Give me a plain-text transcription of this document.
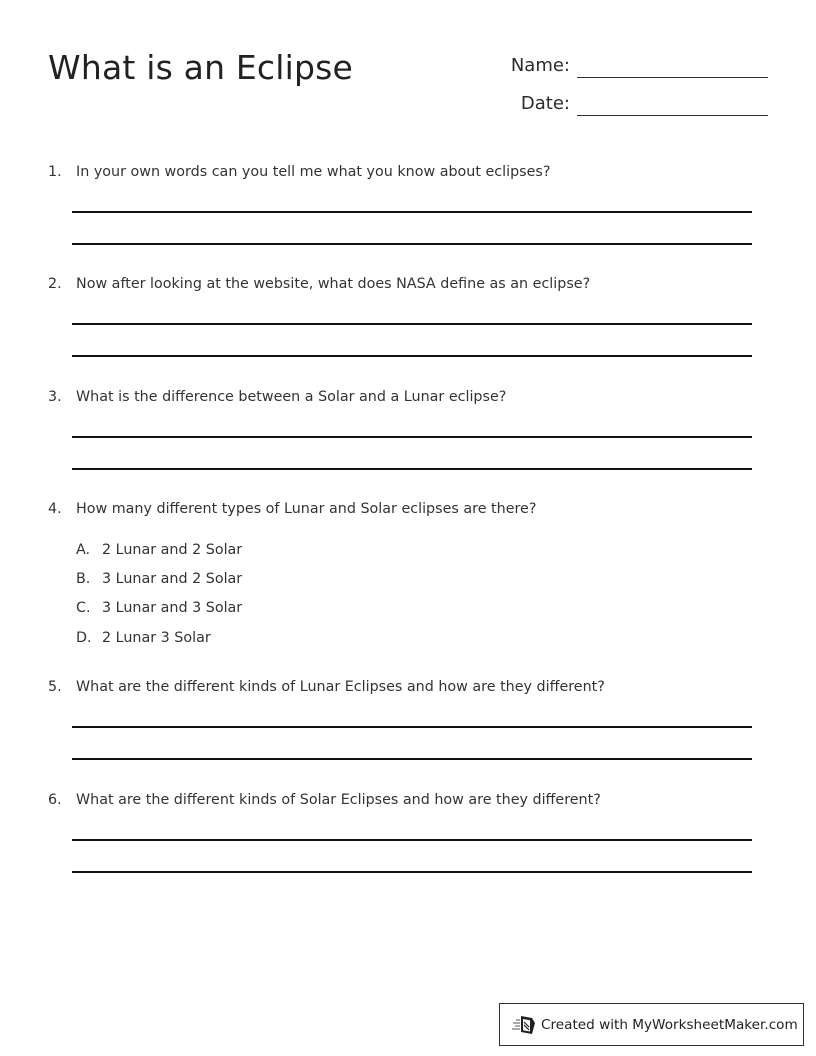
What is an Eclipse	Name:
Date:
1. In your own words can you tell me what you know about eclipses?
2. Now after looking at the website, what does NASA define as an eclipse?
3. What is the difference between a Solar and a Lunar eclipse?
4. How many different types of Lunar and Solar eclipses are there?
A. 2 Lunar and 2 Solar
B. 3 Lunar and 2 Solar
C. 3 Lunar and 3 Solar
D. 2 Lunar 3 Solar
5. What are the different kinds of Lunar Eclipses and how are they different?
6. What are the different kinds of Solar Eclipses and how are they different?
Created with MyWorksheetMaker.com
